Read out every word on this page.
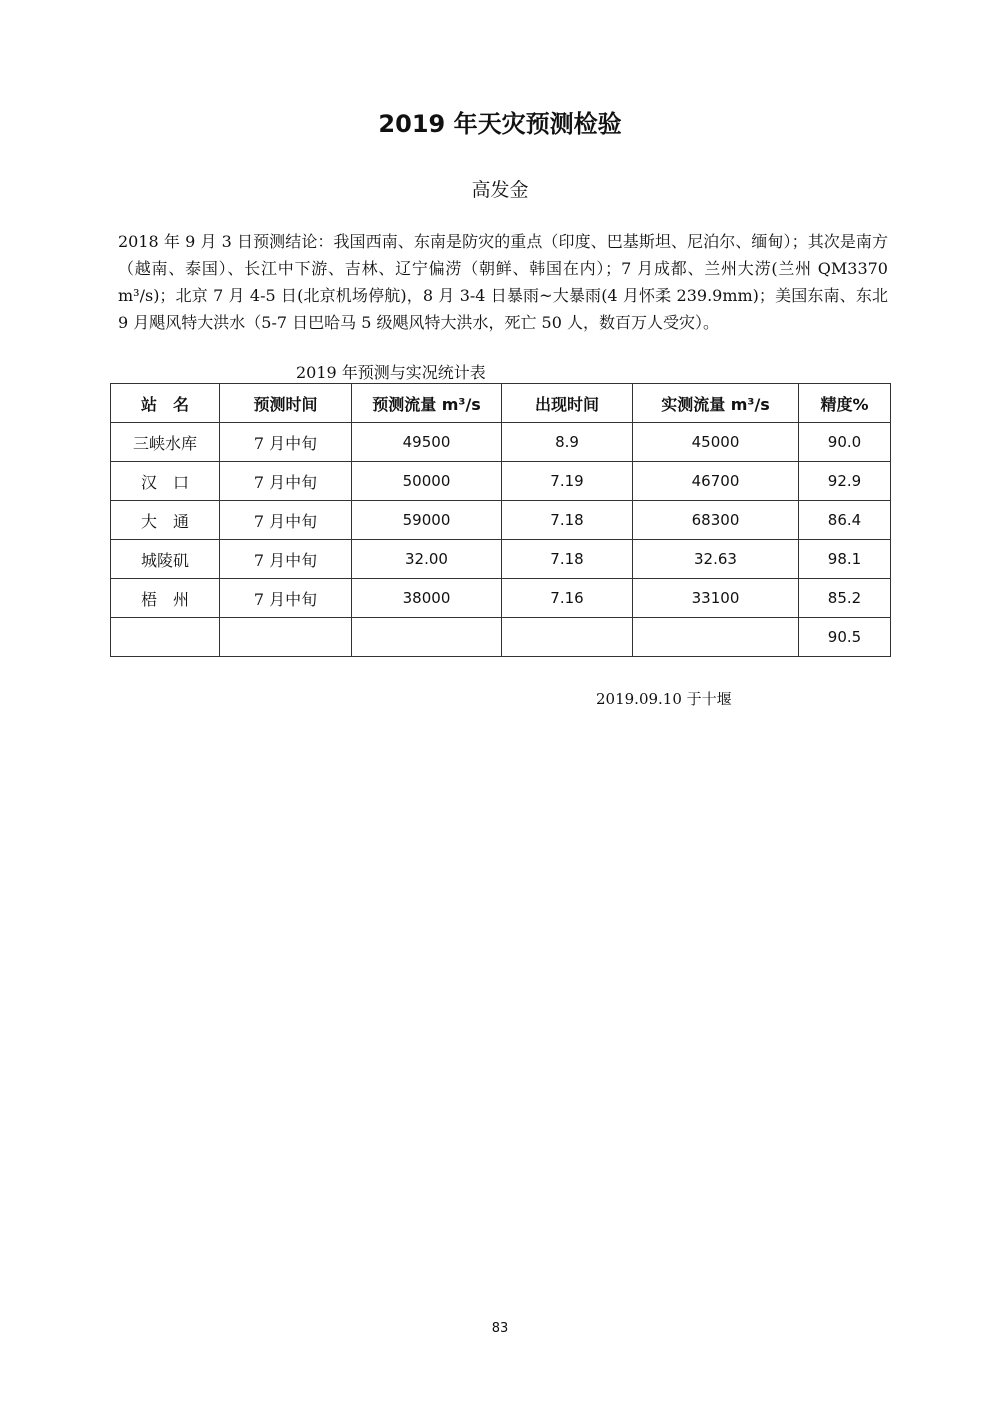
2019 年天灾预测检验
高发金
2018 年 9 月 3 日预测结论：我国西南、东南是防灾的重点（印度、巴基斯坦、尼泊尔、缅甸）；其次是南方（越南、泰国）、长江中下游、吉林、辽宁偏涝（朝鲜、韩国在内）；7 月成都、兰州大涝(兰州 QM3370 m³/s)；北京 7 月 4-5 日(北京机场停航)，8 月 3-4 日暴雨~大暴雨(4 月怀柔 239.9mm)；美国东南、东北 9 月飓风特大洪水（5-7 日巴哈马 5 级飓风特大洪水，死亡 50 人，数百万人受灾）。
2019 年预测与实况统计表
站　名	预测时间	预测流量 m³/s	出现时间	实测流量 m³/s	精度%
三峡水库	7 月中旬	49500	8.9	45000	90.0
汉　口	7 月中旬	50000	7.19	46700	92.9
大　通	7 月中旬	59000	7.18	68300	86.4
城陵矶	7 月中旬	32.00	7.18	32.63	98.1
梧　州	7 月中旬	38000	7.16	33100	85.2
					90.5
2019.09.10 于十堰
83
